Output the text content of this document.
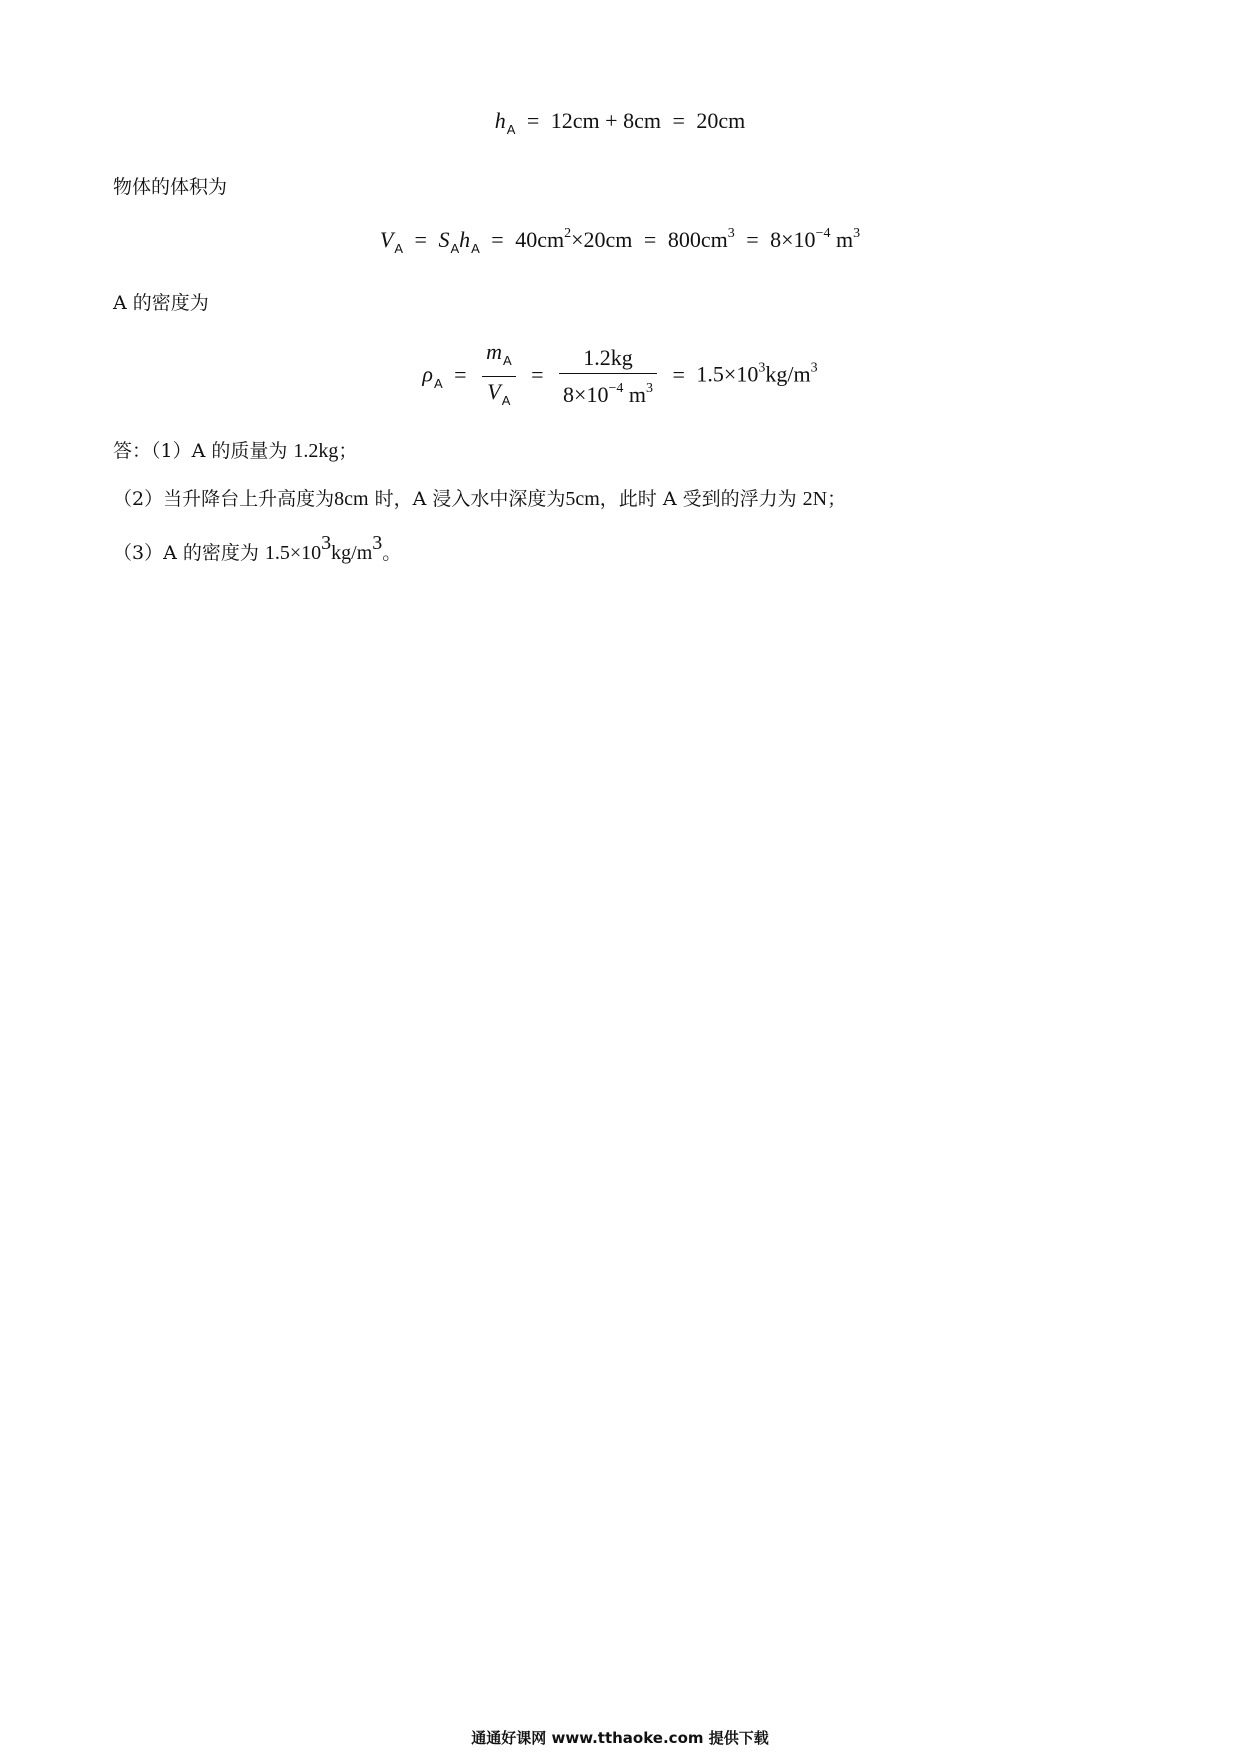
$h_A = 12cm + 8cm = 20cm$
物体的体积为
$V_A = S_Ah_A = 40cm^2\times 20cm = 800cm^3 = 8\times 10^{-4}$ $m^3$
A 的密度为
$\rho_A = \frac{m_A}{V_A} = \frac{1.2kg}{8\times 10^{-4} m^3} = 1.5\times 10^3kg/m^3$
答：（1）A 的质量为 1.2kg；
（2）当升降台上升高度为8cm 时，A 浸入水中深度为5cm，此时 A 受到的浮力为 2N；
（3）A 的密度为 1.5×103kg/m3。
通通好课网 www.tthaoke.com 提供下载
